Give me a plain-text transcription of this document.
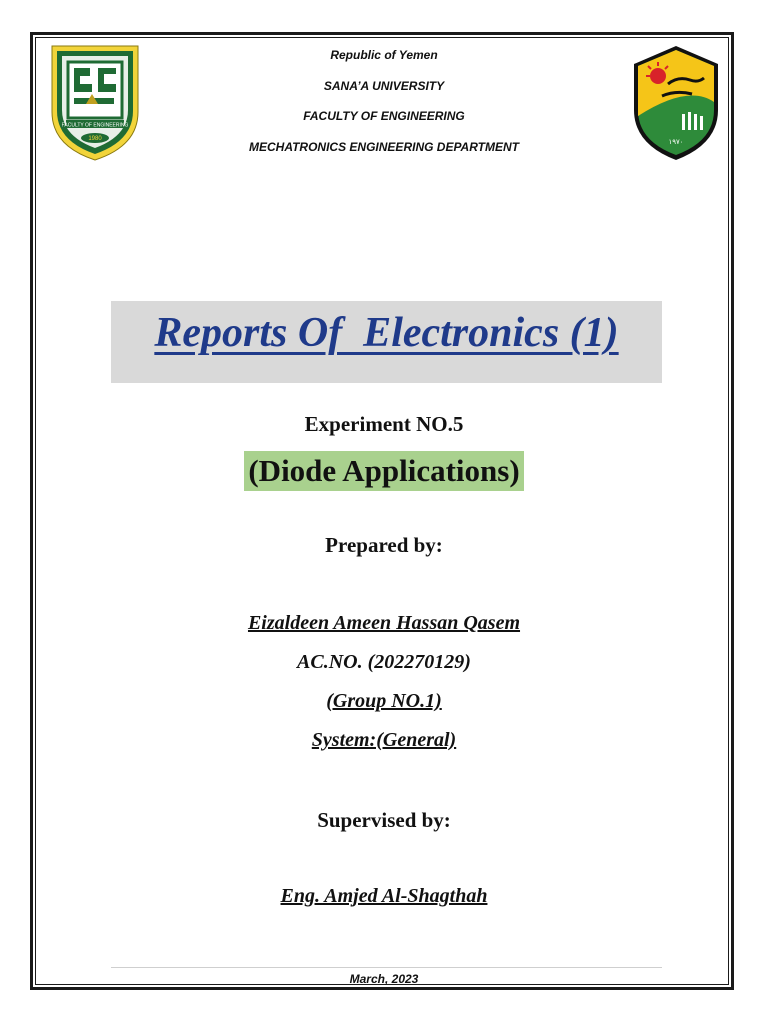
FACULTY OF ENGINEERING
1980	١٩٧٠
Republic of Yemen
SANA’A UNIVERSITY
FACULTY OF ENGINEERING
MECHATRONICS ENGINEERING DEPARTMENT
Reports Of  Electronics (1)
Experiment NO.5
(Diode Applications)
Prepared by:
Eizaldeen Ameen Hassan Qasem
AC.NO. (202270129)
(Group NO.1)
System:(General)
Supervised by:
Eng. Amjed Al-Shagthah
March, 2023
